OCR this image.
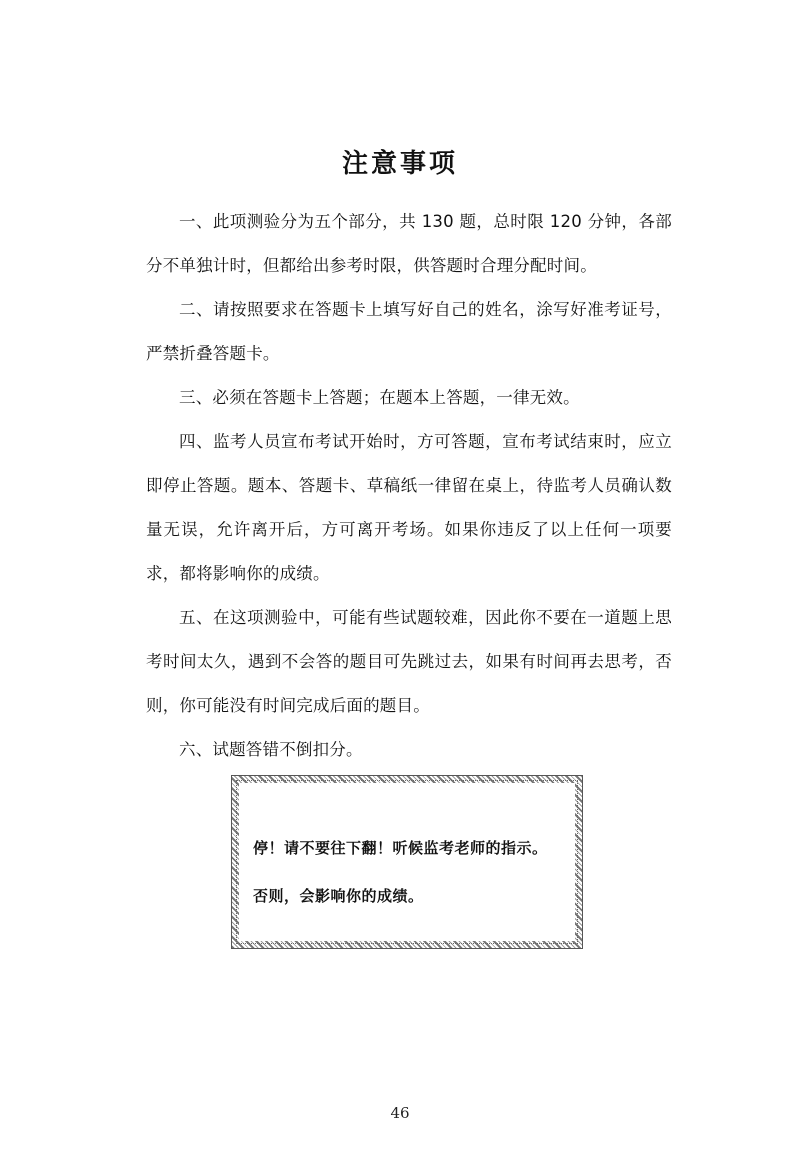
注意事项

一、此项测验分为五个部分，共 130 题，总时限 120 分钟，各部分不单独计时，但都给出参考时限，供答题时合理分配时间。

二、请按照要求在答题卡上填写好自己的姓名，涂写好准考证号，严禁折叠答题卡。

三、必须在答题卡上答题；在题本上答题，一律无效。

四、监考人员宣布考试开始时，方可答题，宣布考试结束时，应立即停止答题。题本、答题卡、草稿纸一律留在桌上，待监考人员确认数量无误，允许离开后，方可离开考场。如果你违反了以上任何一项要求，都将影响你的成绩。

五、在这项测验中，可能有些试题较难，因此你不要在一道题上思考时间太久，遇到不会答的题目可先跳过去，如果有时间再去思考，否则，你可能没有时间完成后面的题目。

六、试题答错不倒扣分。

停！请不要往下翻！听候监考老师的指示。
否则，会影响你的成绩。
46
